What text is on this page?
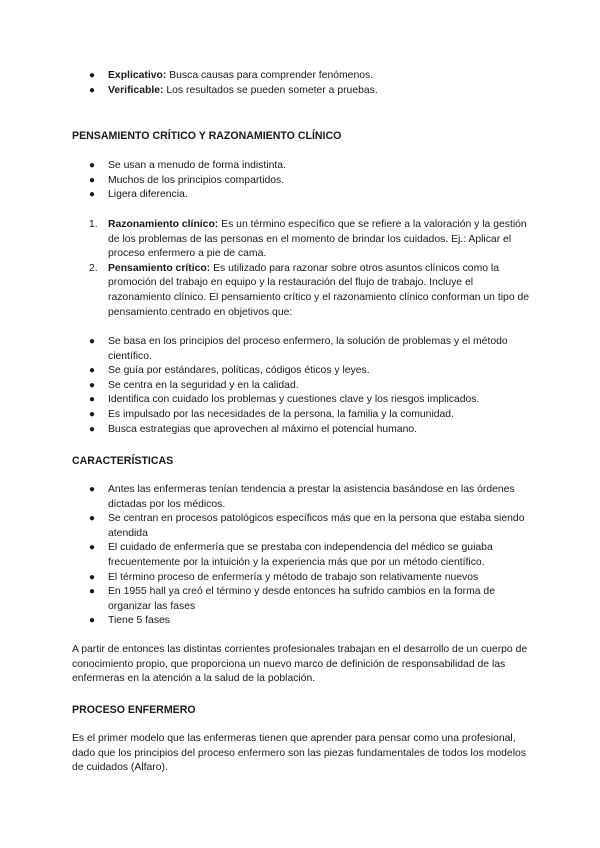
● Explicativo: Busca causas para comprender fenómenos.
● Verificable: Los resultados se pueden someter a pruebas.
PENSAMIENTO CRÍTICO Y RAZONAMIENTO CLÍNICO
● Se usan a menudo de forma indistinta.
● Muchos de los principios compartidos.
● Ligera diferencia.
1. Razonamiento clínico: Es un término específico que se refiere a la valoración y la gestión de los problemas de las personas en el momento de brindar los cuidados. Ej.: Aplicar el proceso enfermero a pie de cama.
2. Pensamiento crítico: Es utilizado para razonar sobre otros asuntos clínicos como la promoción del trabajo en equipo y la restauración del flujo de trabajo. Incluye el razonamiento clínico. El pensamiento crítico y el razonamiento clínico conforman un tipo de pensamiento centrado en objetivos que:
● Se basa en los principios del proceso enfermero, la solución de problemas y el método científico.
● Se guía por estándares, políticas, códigos éticos y leyes.
● Se centra en la seguridad y en la calidad.
● Identifica con cuidado los problemas y cuestiones clave y los riesgos implicados.
● Es impulsado por las necesidades de la persona, la familia y la comunidad.
● Busca estrategias que aprovechen al máximo el potencial humano.
CARACTERÍSTICAS
● Antes las enfermeras tenían tendencia a prestar la asistencia basándose en las órdenes dictadas por los médicos.
● Se centran en procesos patológicos específicos más que en la persona que estaba siendo atendida
● El cuidado de enfermería que se prestaba con independencia del médico se guiaba frecuentemente por la intuición y la experiencia más que por un método científico.
● El término proceso de enfermería y método de trabajo son relativamente nuevos
● En 1955 hall ya creó el término y desde entonces ha sufrido cambios en la forma de organizar las fases
● Tiene 5 fases

A partir de entonces las distintas corrientes profesionales trabajan en el desarrollo de un cuerpo de conocimiento propio, que proporciona un nuevo marco de definición de responsabilidad de las enfermeras en la atención a la salud de la población.

PROCESO ENFERMERO

Es el primer modelo que las enfermeras tienen que aprender para pensar como una profesional, dado que los principios del proceso enfermero son las piezas fundamentales de todos los modelos de cuidados (Alfaro).
